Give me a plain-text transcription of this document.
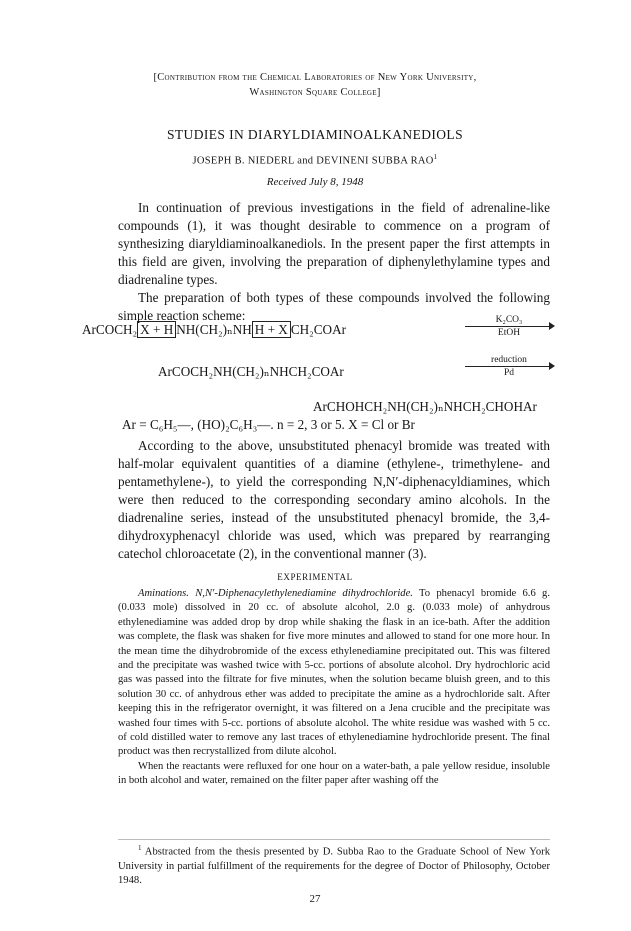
[Contribution from the Chemical Laboratories of New York University,
Washington Square College]
STUDIES IN DIARYLDIAMINOALKANEDIOLS
JOSEPH B. NIEDERL and DEVINENI SUBBA RAO$^1$
Received July 8, 1948

In continuation of previous investigations in the field of adrenaline-like compounds (1), it was thought desirable to commence on a program of synthesizing diaryldiaminoalkanediols. In the present paper the first attempts in this field are given, involving the preparation of diphenylethylamine types and diadrenaline types.

The preparation of both types of these compounds involved the following simple reaction scheme:

ArCOCH₂ X + H NH(CH₂)ₙNH H + X CH₂COAr
K₂CO₃
EtOH
ArCOCH₂NH(CH₂)ₙNHCH₂COAr
reduction
Pd
ArCHOHCH₂NH(CH₂)ₙNHCH₂CHOHAr
Ar = C₆H₅—, (HO)₂C₆H₃—. n = 2, 3 or 5. X = Cl or Br
According to the above, unsubstituted phenacyl bromide was treated with half-molar equivalent quantities of a diamine (ethylene-, trimethylene- and pentamethylene-), to yield the corresponding N,N′-diphenacyldiamines, which were then reduced to the corresponding secondary amino alcohols. In the diadrenaline series, instead of the unsubstituted phenacyl bromide, the 3,4-dihydroxyphenacyl chloride was used, which was prepared by rearranging catechol chloroacetate (2), in the conventional manner (3).
EXPERIMENTAL

Aminations. N,N′-Diphenacylethylenediamine dihydrochloride. To phenacyl bromide 6.6 g. (0.033 mole) dissolved in 20 cc. of absolute alcohol, 2.0 g. (0.033 mole) of anhydrous ethylenediamine was added drop by drop while shaking the flask in an ice-bath. After the addition was complete, the flask was shaken for five more minutes and allowed to stand for one more hour. In the mean time the dihydrobromide of the excess ethylenediamine precipitated out. This was filtered and the precipitate was washed twice with 5-cc. portions of absolute alcohol. Dry hydrochloric acid gas was passed into the filtrate for five minutes, when the solution became bluish green, and to this solution 30 cc. of anhydrous ether was added to precipitate the amine as a hydrochloride salt. After keeping this in the refrigerator overnight, it was filtered on a Jena crucible and the precipitate was washed four times with 5-cc. portions of absolute alcohol. The white residue was washed with 5 cc. of cold distilled water to remove any last traces of ethylenediamine hydrochloride present. The final product was then recrystallized from dilute alcohol.

When the reactants were refluxed for one hour on a water-bath, a pale yellow residue, insoluble in both alcohol and water, remained on the filter paper after washing off the

$^1$ Abstracted from the thesis presented by D. Subba Rao to the Graduate School of New York University in partial fulfillment of the requirements for the degree of Doctor of Philosophy, October 1948.
27
